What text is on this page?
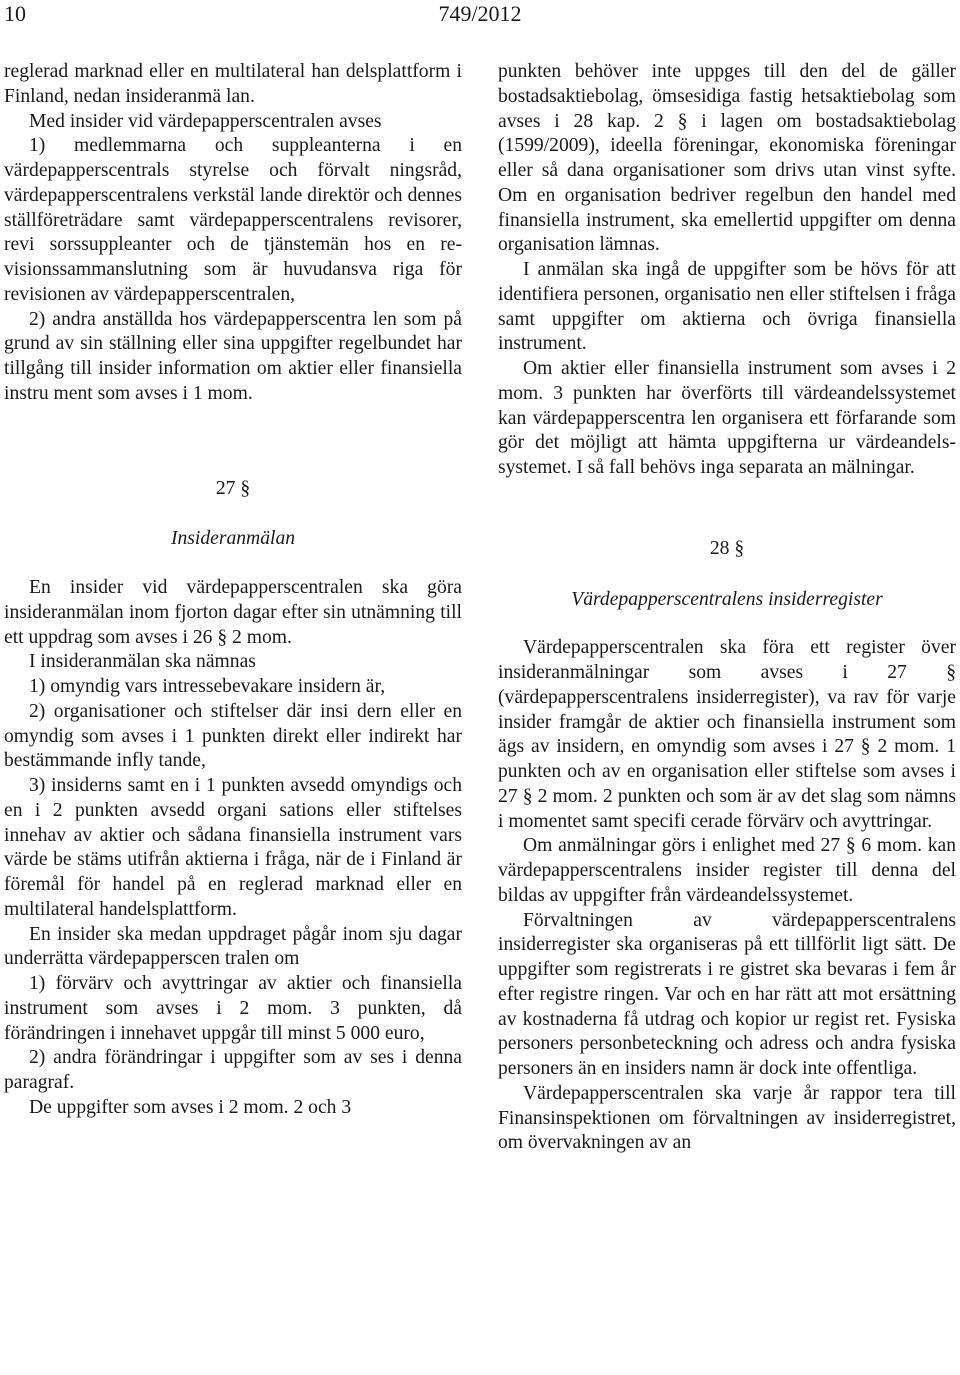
10	749/2012

reglerad marknad eller en multilateral han delsplattform i Finland, nedan insideranmä lan.

Med insider vid värdepapperscentralen avses

1) medlemmarna och suppleanterna i en värdepapperscentrals styrelse och förvalt ningsråd, värdepapperscentralens verkstäl lande direktör och dennes ställföreträdare samt värdepapperscentralens revisorer, revi sorssuppleanter och de tjänstemän hos en re visionssammanslutning som är huvudansva riga för revisionen av värdepapperscentralen,

2) andra anställda hos värdepapperscentra len som på grund av sin ställning eller sina uppgifter regelbundet har tillgång till insider information om aktier eller finansiella instru ment som avses i 1 mom.

27 §
Insideranmälan

En insider vid värdepapperscentralen ska göra insideranmälan inom fjorton dagar efter sin utnämning till ett uppdrag som avses i 26 § 2 mom.

I insideranmälan ska nämnas

1) omyndig vars intressebevakare insidern är,

2) organisationer och stiftelser där insi dern eller en omyndig som avses i 1 punkten direkt eller indirekt har bestämmande infly tande,

3) insiderns samt en i 1 punkten avsedd omyndigs och en i 2 punkten avsedd organi sations eller stiftelses innehav av aktier och sådana finansiella instrument vars värde be stäms utifrån aktierna i fråga, när de i Finland är föremål för handel på en reglerad marknad eller en multilateral handelsplattform.

En insider ska medan uppdraget pågår inom sju dagar underrätta värdepapperscen tralen om

1) förvärv och avyttringar av aktier och finansiella instrument som avses i 2 mom. 3 punkten, då förändringen i innehavet uppgår till minst 5 000 euro,

2) andra förändringar i uppgifter som av ses i denna paragraf.

De uppgifter som avses i 2 mom. 2 och 3

punkten behöver inte uppges till den del de gäller bostadsaktiebolag, ömsesidiga fastig hetsaktiebolag som avses i 28 kap. 2 § i lagen om bostadsaktiebolag (1599/2009), ideella föreningar, ekonomiska föreningar eller så dana organisationer som drivs utan vinst syfte. Om en organisation bedriver regelbun den handel med finansiella instrument, ska emellertid uppgifter om denna organisation lämnas.

I anmälan ska ingå de uppgifter som be hövs för att identifiera personen, organisatio nen eller stiftelsen i fråga samt uppgifter om aktierna och övriga finansiella instrument.

Om aktier eller finansiella instrument som avses i 2 mom. 3 punkten har överförts till värdeandelssystemet kan värdepapperscentra len organisera ett förfarande som gör det möjligt att hämta uppgifterna ur värdeandels systemet. I så fall behövs inga separata an mälningar.

28 §
Värdepapperscentralens insiderregister

Värdepapperscentralen ska föra ett register över insideranmälningar som avses i 27 § (värdepapperscentralens insiderregister), va rav för varje insider framgår de aktier och finansiella instrument som ägs av insidern, en omyndig som avses i 27 § 2 mom. 1 punkten och av en organisation eller stiftelse som avses i 27 § 2 mom. 2 punkten och som är av det slag som nämns i momentet samt specifi cerade förvärv och avyttringar.

Om anmälningar görs i enlighet med 27 § 6 mom. kan värdepapperscentralens insider register till denna del bildas av uppgifter från värdeandelssystemet.

Förvaltningen av värdepapperscentralens insiderregister ska organiseras på ett tillförlit ligt sätt. De uppgifter som registrerats i re gistret ska bevaras i fem år efter registre ringen. Var och en har rätt att mot ersättning av kostnaderna få utdrag och kopior ur regist ret. Fysiska personers personbeteckning och adress och andra fysiska personers än en insiders namn är dock inte offentliga.

Värdepapperscentralen ska varje år rappor tera till Finansinspektionen om förvaltningen av insiderregistret, om övervakningen av an
